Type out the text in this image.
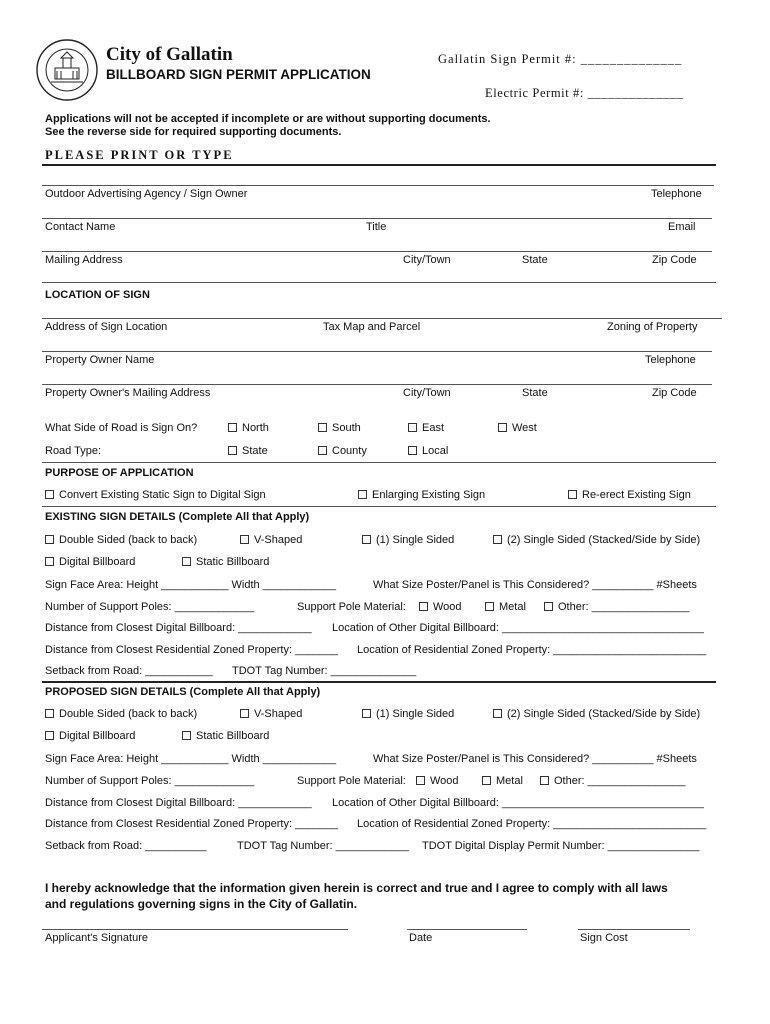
City of Gallatin
BILLBOARD SIGN PERMIT APPLICATION
Gallatin Sign Permit #: ______________
Electric Permit #: ______________
Applications will not be accepted if incomplete or are without supporting documents.
See the reverse side for required supporting documents.
PLEASE PRINT OR TYPE
Outdoor Advertising Agency / Sign Owner	Telephone
Contact Name	Title	Email
Mailing Address	City/Town	State	Zip Code
LOCATION OF SIGN
Address of Sign Location	Tax Map and Parcel	Zoning of Property
Property Owner Name	Telephone
Property Owner's Mailing Address	City/Town	State	Zip Code
What Side of Road is Sign On?	North	South	East	West
Road Type:	State	County	Local
PURPOSE OF APPLICATION
Convert Existing Static Sign to Digital Sign	Enlarging Existing Sign	Re-erect Existing Sign
EXISTING SIGN DETAILS (Complete All that Apply)
Double Sided (back to back)	V-Shaped	(1) Single Sided	(2) Single Sided (Stacked/Side by Side)
Digital Billboard	Static Billboard
Sign Face Area: Height ___________ Width ____________	What Size Poster/Panel is This Considered? __________ #Sheets
Number of Support Poles: _____________	Support Pole Material:	Wood	Metal	Other: ________________
Distance from Closest Digital Billboard: ____________ Location of Other Digital Billboard: _________________________________
Distance from Closest Residential Zoned Property: _______ Location of Residential Zoned Property: _________________________
Setback from Road: ___________ TDOT Tag Number: ______________
PROPOSED SIGN DETAILS (Complete All that Apply)
Double Sided (back to back)	V-Shaped	(1) Single Sided	(2) Single Sided (Stacked/Side by Side)
Digital Billboard	Static Billboard
Sign Face Area: Height ___________ Width ____________	What Size Poster/Panel is This Considered? __________ #Sheets
Number of Support Poles: _____________	Support Pole Material:	Wood	Metal	Other: ________________
Distance from Closest Digital Billboard: ____________ Location of Other Digital Billboard: _________________________________
Distance from Closest Residential Zoned Property: _______ Location of Residential Zoned Property: _________________________
Setback from Road: __________	TDOT Tag Number: ____________ TDOT Digital Display Permit Number: _______________
I hereby acknowledge that the information given herein is correct and true and I agree to comply with all laws
and regulations governing signs in the City of Gallatin.
Applicant's Signature	Date	Sign Cost
